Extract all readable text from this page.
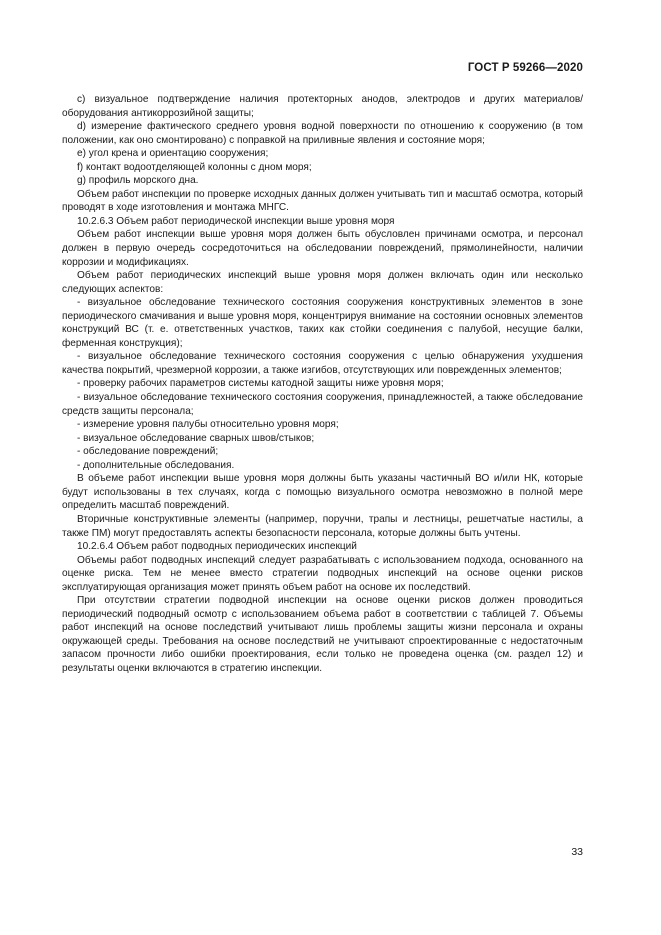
ГОСТ Р 59266—2020

c) визуальное подтверждение наличия протекторных анодов, электродов и других материалов/оборудования антикоррозийной защиты;

d) измерение фактического среднего уровня водной поверхности по отношению к сооружению (в том положении, как оно смонтировано) с поправкой на приливные явления и состояние моря;

e) угол крена и ориентацию сооружения;

f) контакт водоотделяющей колонны с дном моря;

g) профиль морского дна.

Объем работ инспекции по проверке исходных данных должен учитывать тип и масштаб осмотра, который проводят в ходе изготовления и монтажа МНГС.

10.2.6.3 Объем работ периодической инспекции выше уровня моря

Объем работ инспекции выше уровня моря должен быть обусловлен причинами осмотра, и персонал должен в первую очередь сосредоточиться на обследовании повреждений, прямолинейности, наличии коррозии и модификациях.

Объем работ периодических инспекций выше уровня моря должен включать один или несколько следующих аспектов:

- визуальное обследование технического состояния сооружения конструктивных элементов в зоне периодического смачивания и выше уровня моря, концентрируя внимание на состоянии основных элементов конструкций ВС (т. е. ответственных участков, таких как стойки соединения с палубой, несущие балки, ферменная конструкция);

- визуальное обследование технического состояния сооружения с целью обнаружения ухудшения качества покрытий, чрезмерной коррозии, а также изгибов, отсутствующих или поврежденных элементов;

- проверку рабочих параметров системы катодной защиты ниже уровня моря;

- визуальное обследование технического состояния сооружения, принадлежностей, а также обследование средств защиты персонала;

- измерение уровня палубы относительно уровня моря;

- визуальное обследование сварных швов/стыков;

- обследование повреждений;

- дополнительные обследования.

В объеме работ инспекции выше уровня моря должны быть указаны частичный ВО и/или НК, которые будут использованы в тех случаях, когда с помощью визуального осмотра невозможно в полной мере определить масштаб повреждений.

Вторичные конструктивные элементы (например, поручни, трапы и лестницы, решетчатые настилы, а также ПМ) могут предоставлять аспекты безопасности персонала, которые должны быть учтены.

10.2.6.4 Объем работ подводных периодических инспекций

Объемы работ подводных инспекций следует разрабатывать с использованием подхода, основанного на оценке риска. Тем не менее вместо стратегии подводных инспекций на основе оценки рисков эксплуатирующая организация может принять объем работ на основе их последствий.

При отсутствии стратегии подводной инспекции на основе оценки рисков должен проводиться периодический подводный осмотр с использованием объема работ в соответствии с таблицей 7. Объемы работ инспекций на основе последствий учитывают лишь проблемы защиты жизни персонала и охраны окружающей среды. Требования на основе последствий не учитывают спроектированные с недостаточным запасом прочности либо ошибки проектирования, если только не проведена оценка (см. раздел 12) и результаты оценки включаются в стратегию инспекции.

33
